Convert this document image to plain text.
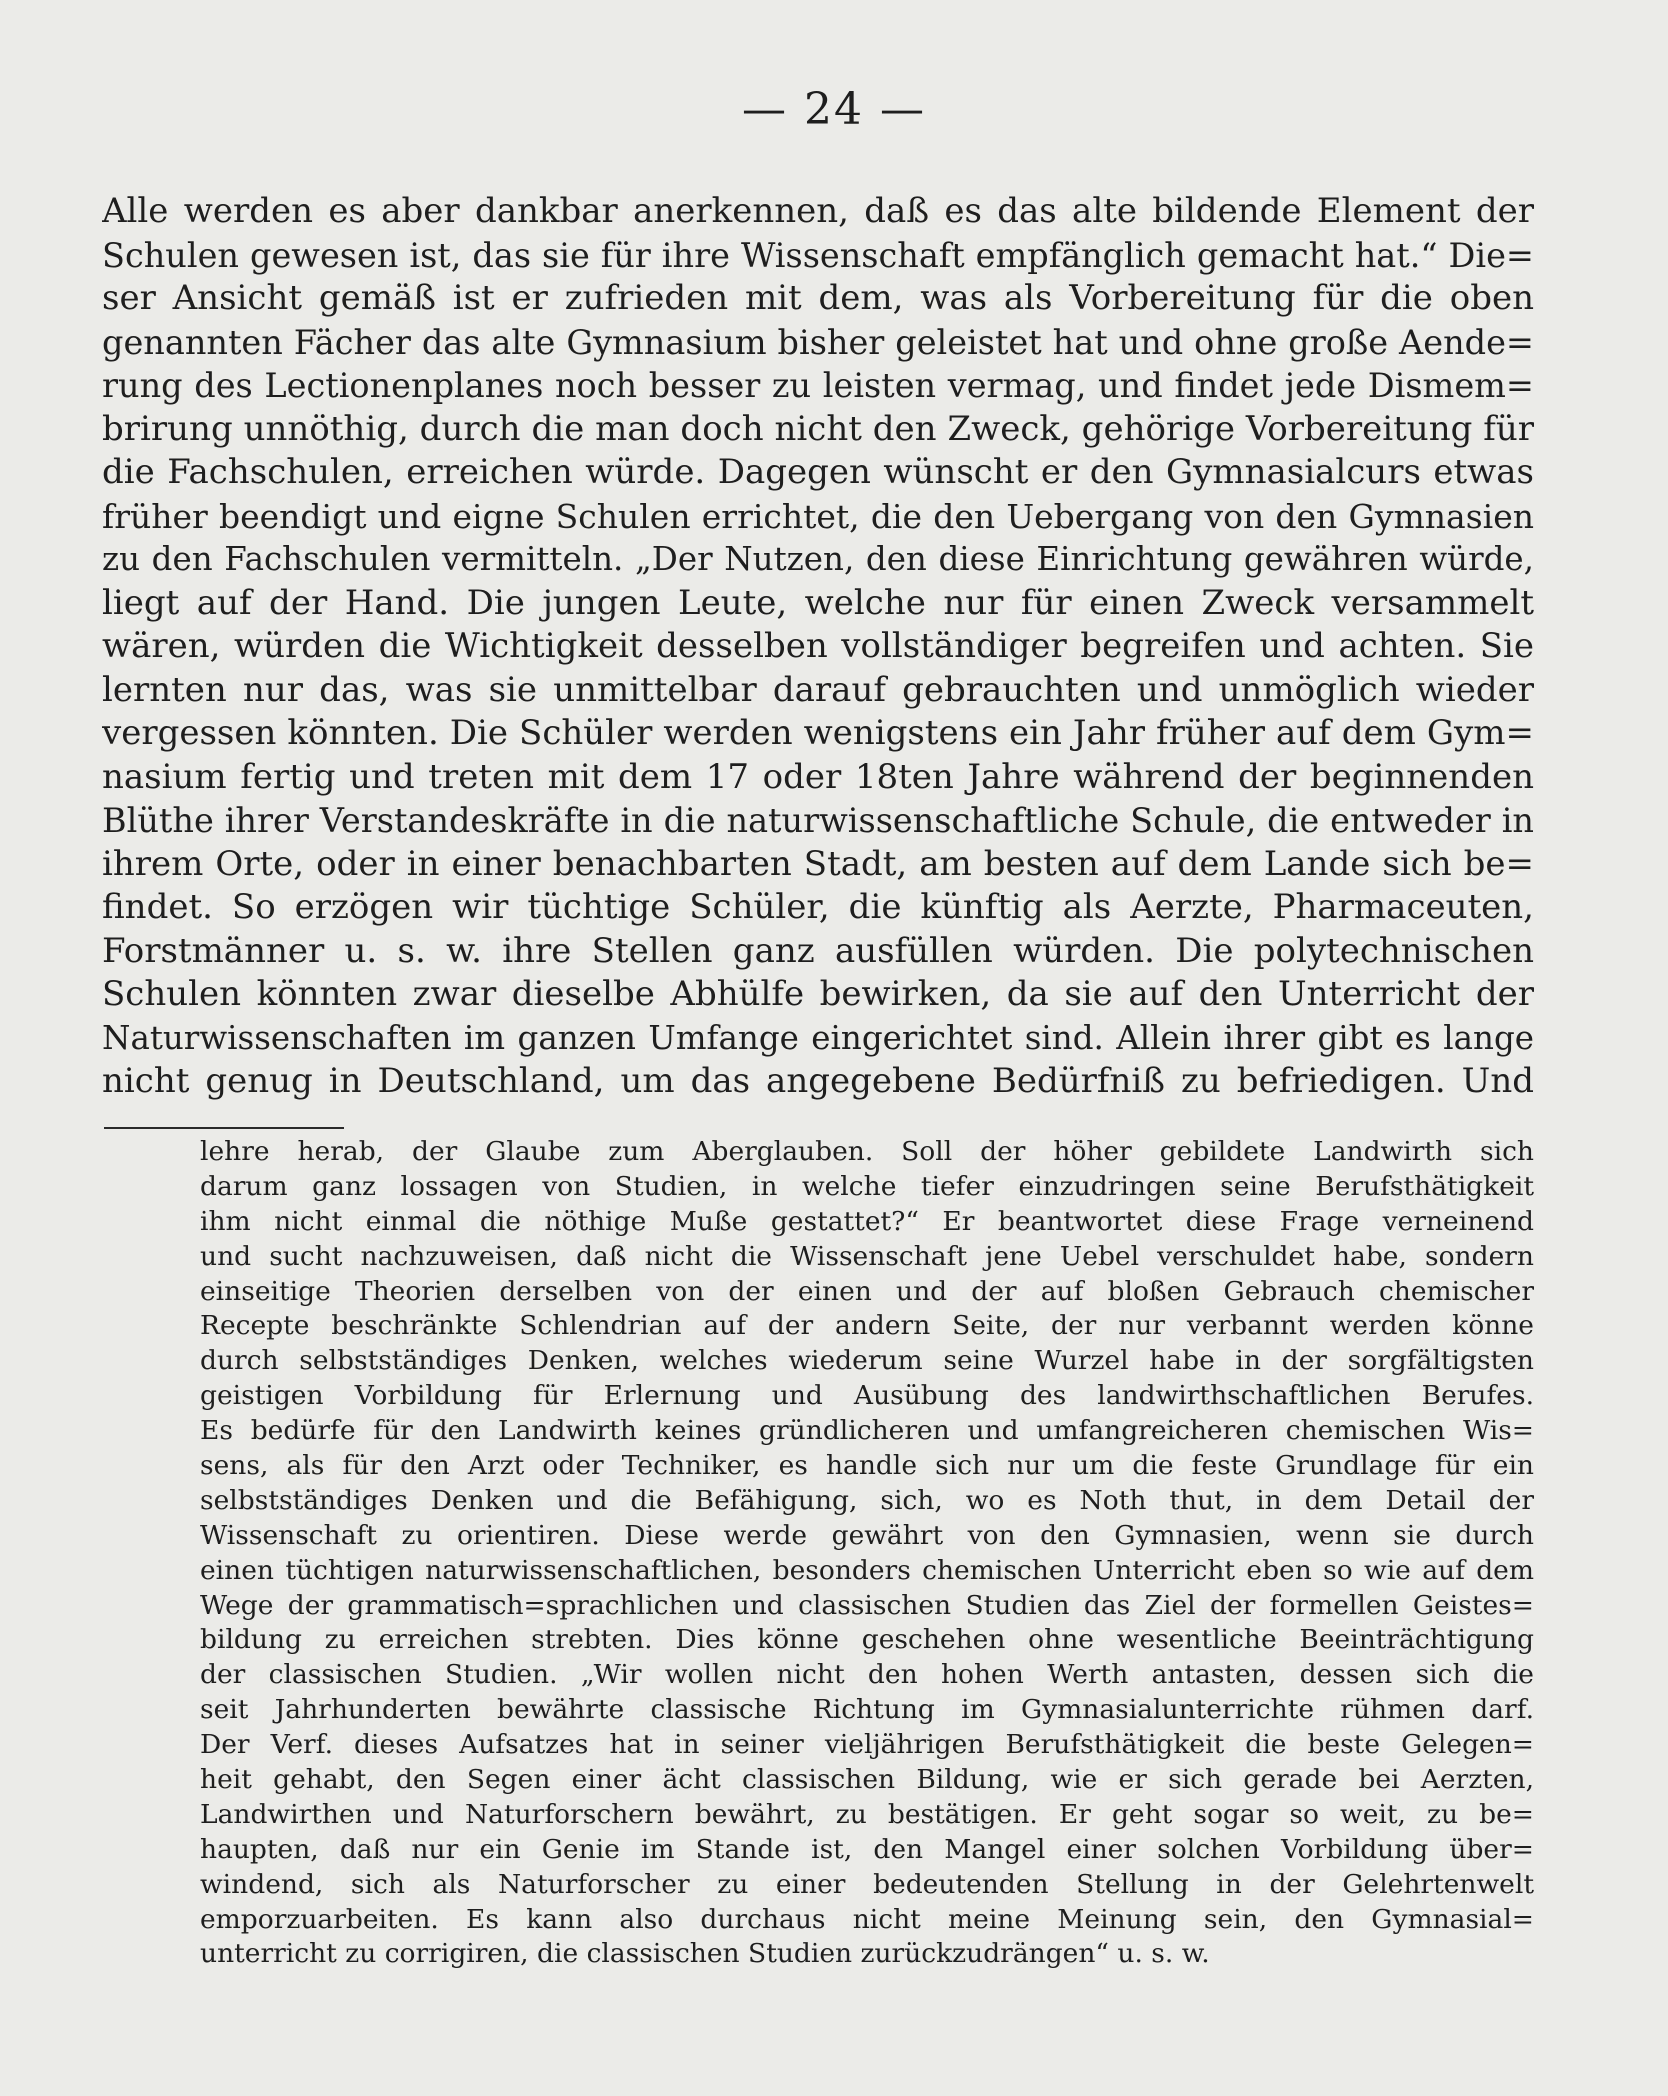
— 24 —
Alle werden es aber dankbar anerkennen, daß es das alte bildende Element der
Schulen gewesen ist, das sie für ihre Wissenschaft empfänglich gemacht hat.“ Die=
ser Ansicht gemäß ist er zufrieden mit dem, was als Vorbereitung für die oben
genannten Fächer das alte Gymnasium bisher geleistet hat und ohne große Aende=
rung des Lectionenplanes noch besser zu leisten vermag, und findet jede Dismem=
brirung unnöthig, durch die man doch nicht den Zweck, gehörige Vorbereitung für
die Fachschulen, erreichen würde. Dagegen wünscht er den Gymnasialcurs etwas
früher beendigt und eigne Schulen errichtet, die den Uebergang von den Gymnasien
zu den Fachschulen vermitteln. „Der Nutzen, den diese Einrichtung gewähren würde,
liegt auf der Hand. Die jungen Leute, welche nur für einen Zweck versammelt
wären, würden die Wichtigkeit desselben vollständiger begreifen und achten. Sie
lernten nur das, was sie unmittelbar darauf gebrauchten und unmöglich wieder
vergessen könnten. Die Schüler werden wenigstens ein Jahr früher auf dem Gym=
nasium fertig und treten mit dem 17 oder 18ten Jahre während der beginnenden
Blüthe ihrer Verstandeskräfte in die naturwissenschaftliche Schule, die entweder in
ihrem Orte, oder in einer benachbarten Stadt, am besten auf dem Lande sich be=
findet. So erzögen wir tüchtige Schüler, die künftig als Aerzte, Pharmaceuten,
Forstmänner u. s. w. ihre Stellen ganz ausfüllen würden. Die polytechnischen
Schulen könnten zwar dieselbe Abhülfe bewirken, da sie auf den Unterricht der
Naturwissenschaften im ganzen Umfange eingerichtet sind. Allein ihrer gibt es lange
nicht genug in Deutschland, um das angegebene Bedürfniß zu befriedigen. Und
lehre herab, der Glaube zum Aberglauben. Soll der höher gebildete Landwirth sich
darum ganz lossagen von Studien, in welche tiefer einzudringen seine Berufsthätigkeit
ihm nicht einmal die nöthige Muße gestattet?“ Er beantwortet diese Frage verneinend
und sucht nachzuweisen, daß nicht die Wissenschaft jene Uebel verschuldet habe, sondern
einseitige Theorien derselben von der einen und der auf bloßen Gebrauch chemischer
Recepte beschränkte Schlendrian auf der andern Seite, der nur verbannt werden könne
durch selbstständiges Denken, welches wiederum seine Wurzel habe in der sorgfältigsten
geistigen Vorbildung für Erlernung und Ausübung des landwirthschaftlichen Berufes.
Es bedürfe für den Landwirth keines gründlicheren und umfangreicheren chemischen Wis=
sens, als für den Arzt oder Techniker, es handle sich nur um die feste Grundlage für ein
selbstständiges Denken und die Befähigung, sich, wo es Noth thut, in dem Detail der
Wissenschaft zu orientiren. Diese werde gewährt von den Gymnasien, wenn sie durch
einen tüchtigen naturwissenschaftlichen, besonders chemischen Unterricht eben so wie auf dem
Wege der grammatisch=sprachlichen und classischen Studien das Ziel der formellen Geistes=
bildung zu erreichen strebten. Dies könne geschehen ohne wesentliche Beeinträchtigung
der classischen Studien. „Wir wollen nicht den hohen Werth antasten, dessen sich die
seit Jahrhunderten bewährte classische Richtung im Gymnasialunterrichte rühmen darf.
Der Verf. dieses Aufsatzes hat in seiner vieljährigen Berufsthätigkeit die beste Gelegen=
heit gehabt, den Segen einer ächt classischen Bildung, wie er sich gerade bei Aerzten,
Landwirthen und Naturforschern bewährt, zu bestätigen. Er geht sogar so weit, zu be=
haupten, daß nur ein Genie im Stande ist, den Mangel einer solchen Vorbildung über=
windend, sich als Naturforscher zu einer bedeutenden Stellung in der Gelehrtenwelt
emporzuarbeiten. Es kann also durchaus nicht meine Meinung sein, den Gymnasial=
unterricht zu corrigiren, die classischen Studien zurückzudrängen“ u. s. w.
